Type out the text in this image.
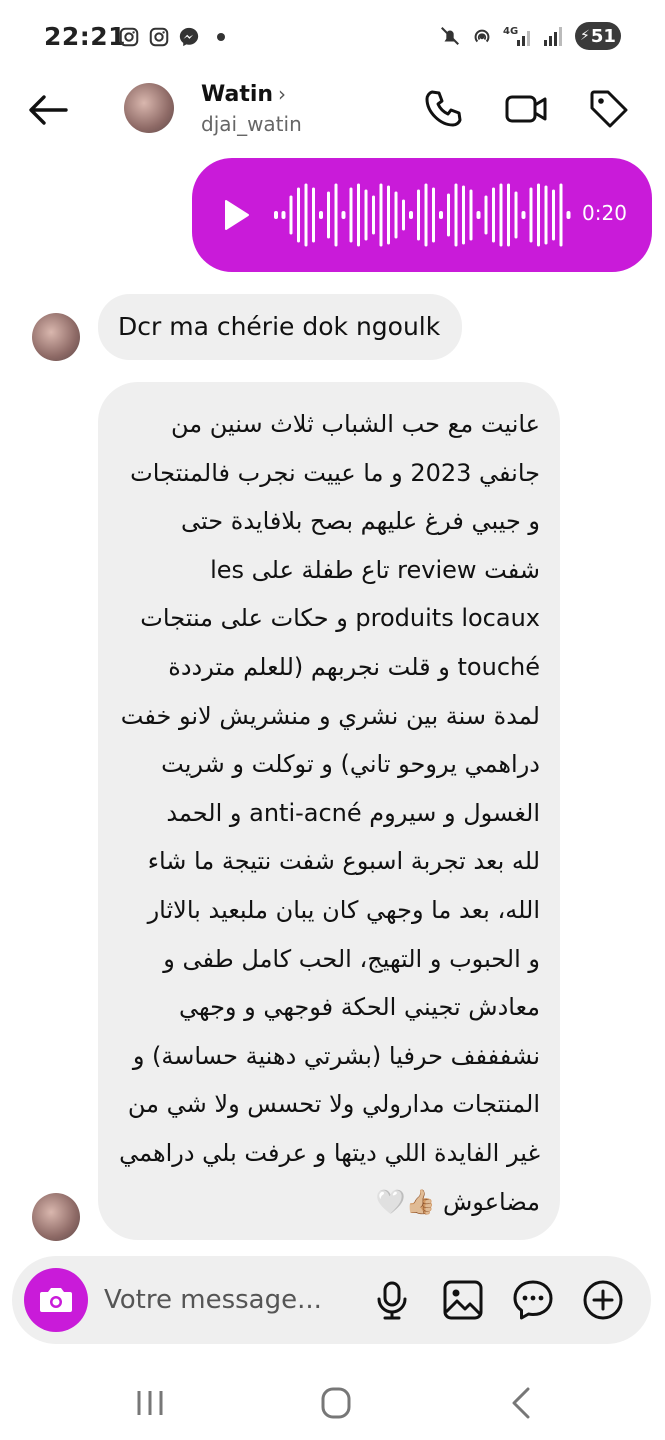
22:21	4G	⚡ 51
Watin ›
djai_watin
0:20
Dcr ma chérie dok ngoulk
عانيت مع حب الشباب ثلاث سنين من
جانفي 2023 و ما عييت نجرب فالمنتجات
و جيبي فرغ عليهم بصح بلافايدة حتى
شفت review تاع طفلة على les
produits locaux و حكات على منتجات
touché و قلت نجربهم (للعلم مترددة
لمدة سنة بين نشري و منشريش لانو خفت
دراهمي يروحو تاني) و توكلت و شريت
الغسول و سيروم anti-acné و الحمد
لله بعد تجربة اسبوع شفت نتيجة ما شاء
الله، بعد ما وجهي كان يبان ملبعيد بالاثار
و الحبوب و التهيج، الحب كامل طفى و
معادش تجيني الحكة فوجهي و وجهي
نشفففف حرفيا (بشرتي دهنية حساسة) و
المنتجات مدارولي ولا تحسس ولا شي من
غير الفايدة اللي ديتها و عرفت بلي دراهمي
مضاعوش 👍🏼🤍
Votre message...
